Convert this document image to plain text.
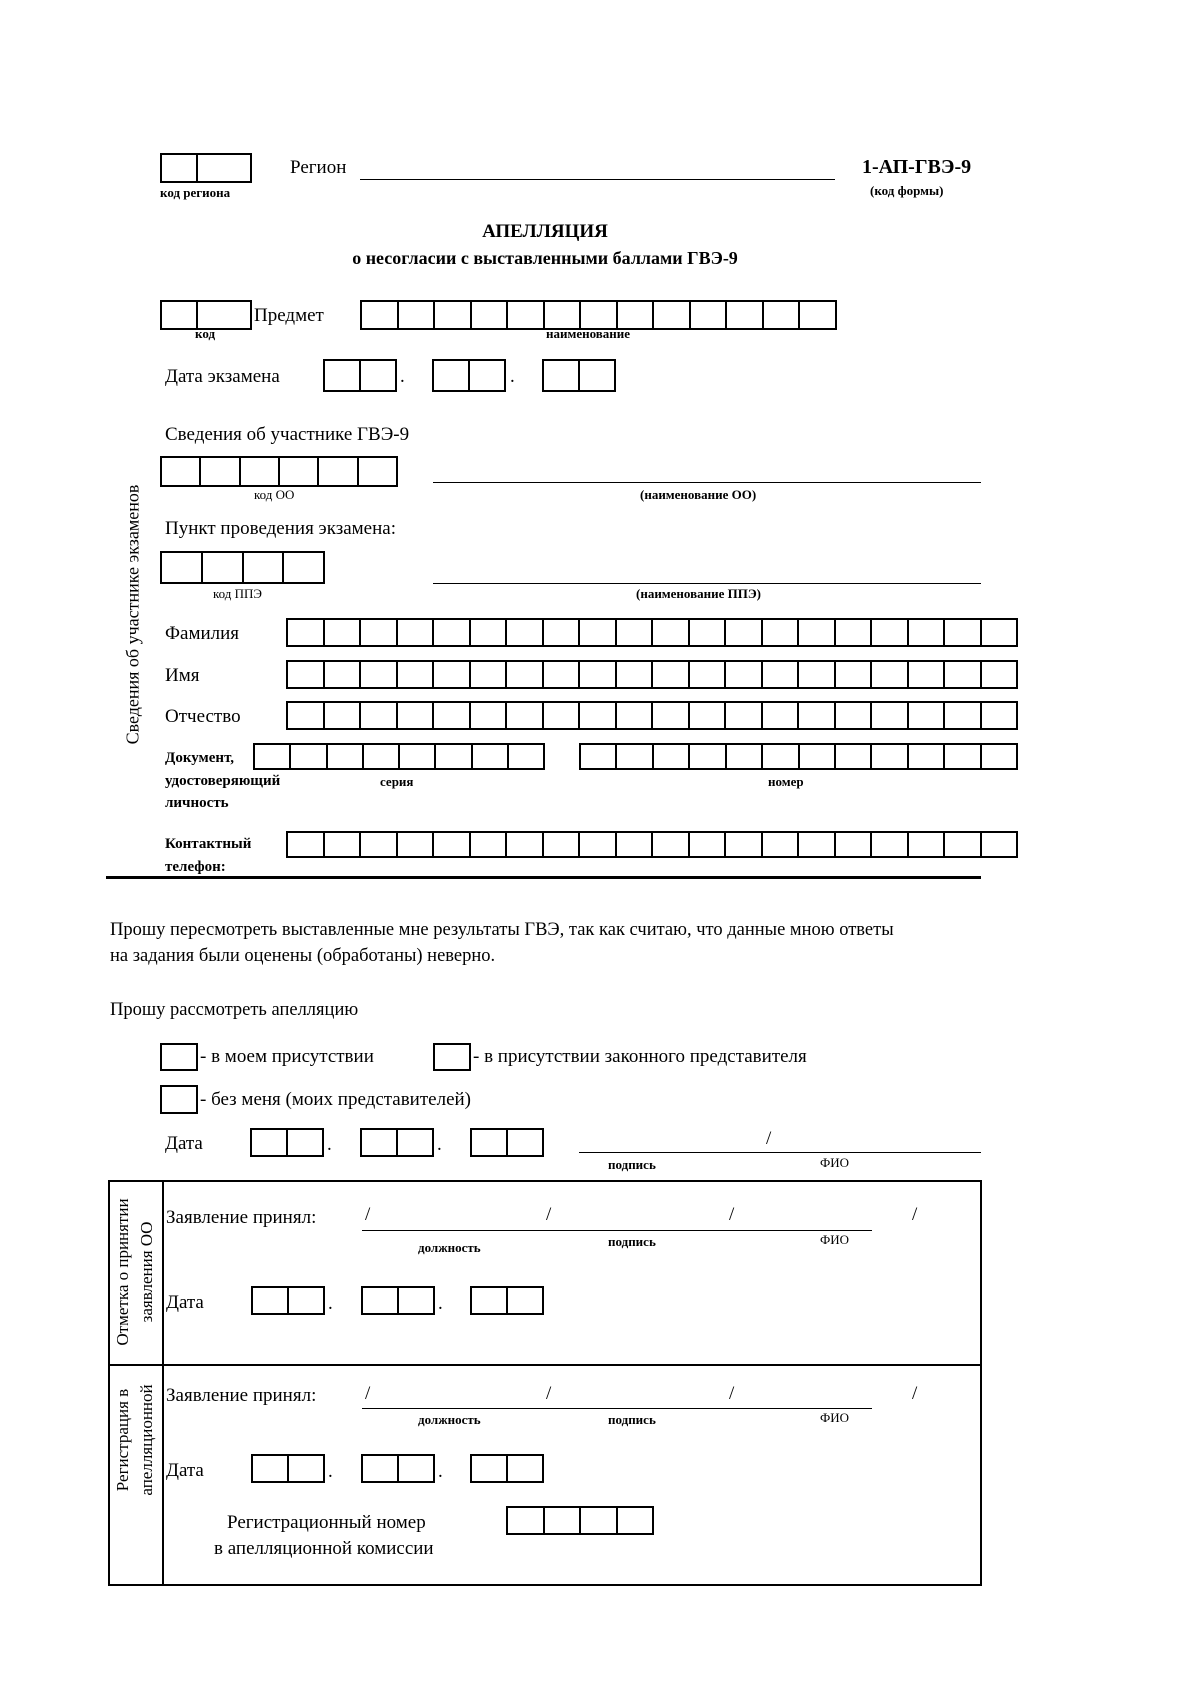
код региона
Регион	1-АП-ГВЭ-9
(код формы)
АПЕЛЛЯЦИЯ
о несогласии с выставленными баллами ГВЭ-9
код
Предмет
наименование
Дата экзамена	.	.
Сведения об участнике экзаменов
Сведения об участнике ГВЭ-9
код ОО	(наименование ОО)
Пункт проведения экзамена:
код ППЭ	(наименование ППЭ)
Фамилия
Имя
Отчество
Документ,
удостоверяющий
личность
серия	номер
Контактный
телефон:
Прошу пересмотреть выставленные мне результаты ГВЭ, так как считаю, что данные мною ответы
на задания были оценены (обработаны) неверно.
Прошу рассмотреть апелляцию
- в моем присутствии	- в присутствии законного представителя
- без меня (моих представителей)
Дата	.	.	/
подпись	ФИО
Отметка о принятии заявления ОО
Заявление принял:	/	/	/	/
должность	подпись	ФИО
Дата	.	.
Регистрация в апелляционной Заявление принял:	/	/	/	/
должность	подпись	ФИО
Дата	.	.
Регистрационный номер
в апелляционной комиссии
